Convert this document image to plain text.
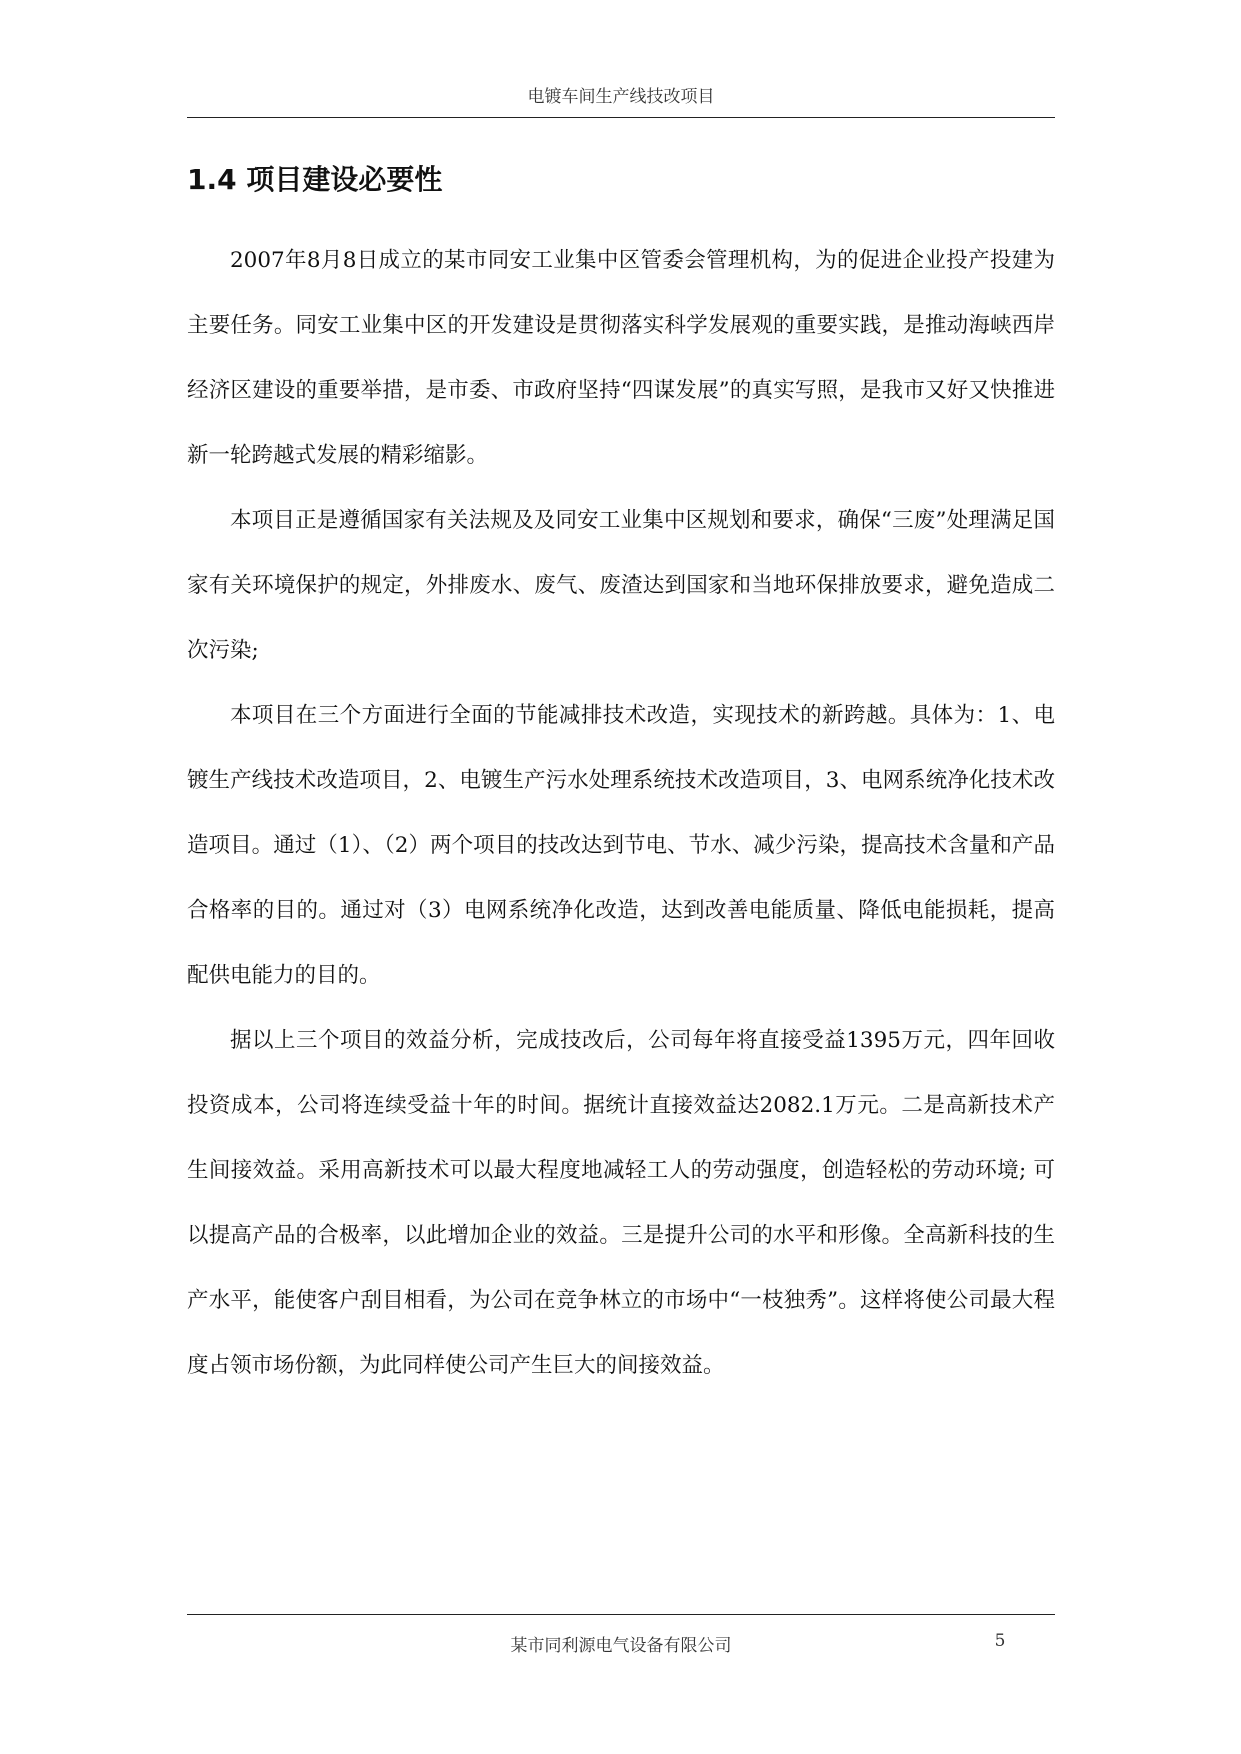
电镀车间生产线技改项目
1.4 项目建设必要性

2007年8月8日成立的某市同安工业集中区管委会管理机构，为的促进企业投产投建为主要任务。同安工业集中区的开发建设是贯彻落实科学发展观的重要实践，是推动海峡西岸经济区建设的重要举措，是市委、市政府坚持“四谋发展”的真实写照，是我市又好又快推进新一轮跨越式发展的精彩缩影。

本项目正是遵循国家有关法规及及同安工业集中区规划和要求，确保“三废”处理满足国家有关环境保护的规定，外排废水、废气、废渣达到国家和当地环保排放要求，避免造成二次污染;

本项目在三个方面进行全面的节能减排技术改造，实现技术的新跨越。具体为：1、电镀生产线技术改造项目，2、电镀生产污水处理系统技术改造项目，3、电网系统净化技术改造项目。通过（1）、（2）两个项目的技改达到节电、节水、减少污染，提高技术含量和产品合格率的目的。通过对（3）电网系统净化改造，达到改善电能质量、降低电能损耗，提高配供电能力的目的。

据以上三个项目的效益分析，完成技改后，公司每年将直接受益1395万元，四年回收投资成本，公司将连续受益十年的时间。据统计直接效益达2082.1万元。二是高新技术产生间接效益。采用高新技术可以最大程度地减轻工人的劳动强度，创造轻松的劳动环境; 可以提高产品的合极率，以此增加企业的效益。三是提升公司的水平和形像。全高新科技的生产水平，能使客户刮目相看，为公司在竞争林立的市场中“一枝独秀”。这样将使公司最大程度占领市场份额，为此同样使公司产生巨大的间接效益。

某市同利源电气设备有限公司	5
